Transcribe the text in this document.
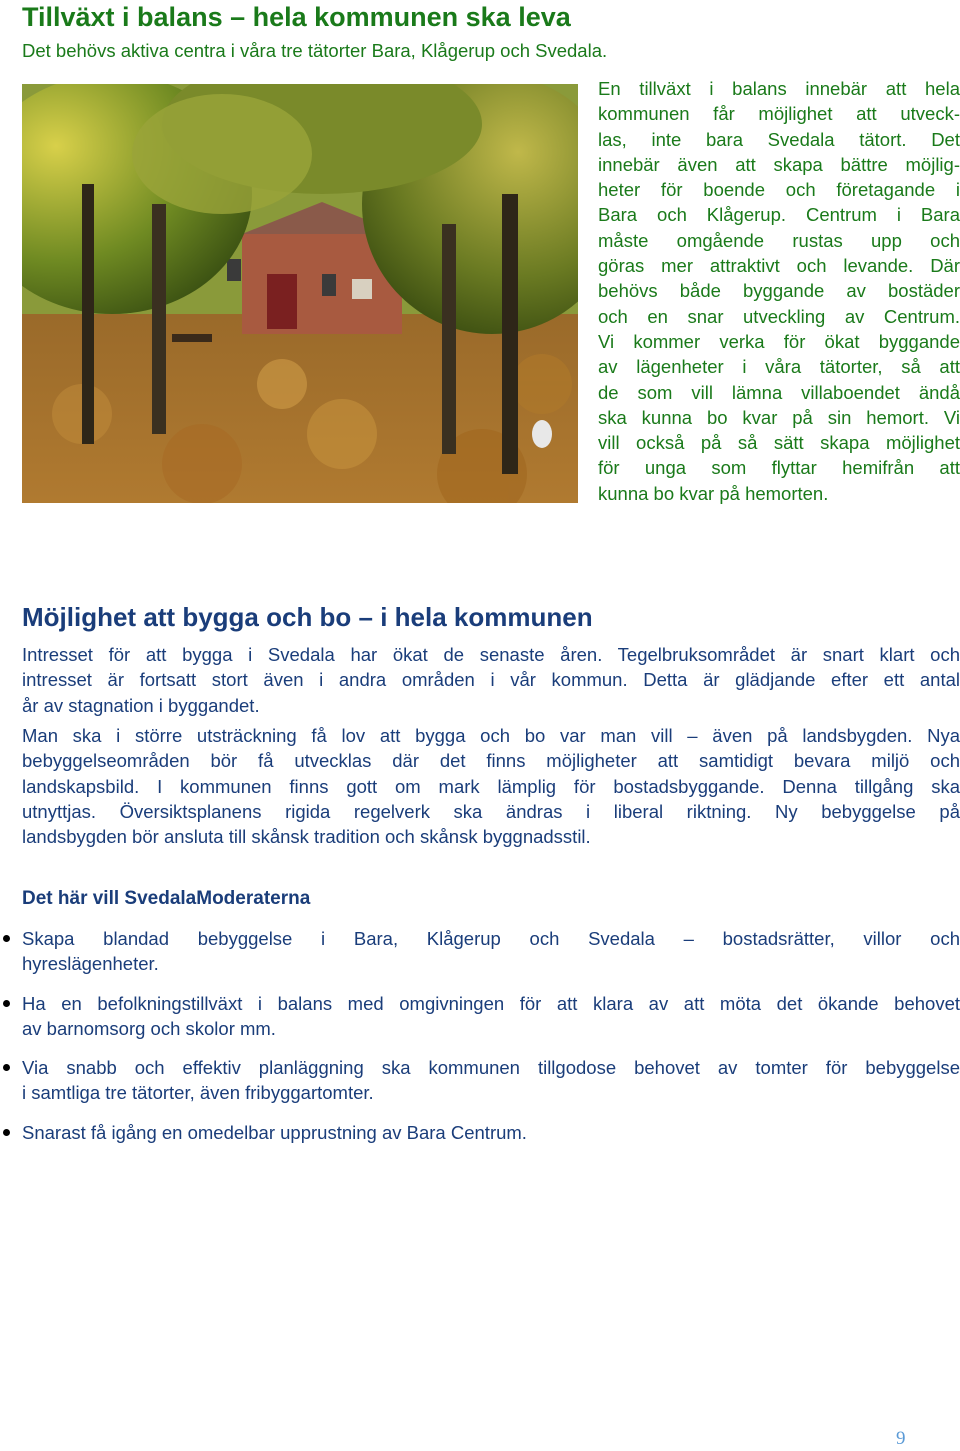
Tillväxt i balans – hela kommunen ska leva
Det behövs aktiva centra i våra tre tätorter Bara, Klågerup och Svedala.
En tillväxt i balans innebär att hela
kommunen får möjlighet att utveck-
las, inte bara Svedala tätort. Det
innebär även att skapa bättre möjlig-
heter för boende och företagande i
Bara och Klågerup. Centrum i Bara
måste omgående rustas upp och
göras mer attraktivt och levande. Där
behövs både byggande av bostäder
och en snar utveckling av Centrum.
Vi kommer verka för ökat byggande
av lägenheter i våra tätorter, så att
de som vill lämna villaboendet ändå
ska kunna bo kvar på sin hemort. Vi
vill också på så sätt skapa möjlighet
för unga som flyttar hemifrån att
kunna bo kvar på hemorten.
Möjlighet att bygga och bo – i hela kommunen
Intresset för att bygga i Svedala har ökat de senaste åren. Tegelbruksområdet är snart klart och
intresset är fortsatt stort även i andra områden i vår kommun. Detta är glädjande efter ett antal
år av stagnation i byggandet.
Man ska i större utsträckning få lov att bygga och bo var man vill – även på landsbygden. Nya
bebyggelseområden bör få utvecklas där det finns möjligheter att samtidigt bevara miljö och
landskapsbild. I kommunen finns gott om mark lämplig för bostadsbyggande. Denna tillgång ska
utnyttjas. Översiktsplanens rigida regelverk ska ändras i liberal riktning. Ny bebyggelse på
landsbygden bör ansluta till skånsk tradition och skånsk byggnadsstil.
Det här vill SvedalaModeraterna
Skapa blandad bebyggelse i Bara, Klågerup och Svedala – bostadsrätter, villor och
hyreslägenheter.
Ha en befolkningstillväxt i balans med omgivningen för att klara av att möta det ökande behovet
av barnomsorg och skolor mm.
Via snabb och effektiv planläggning ska kommunen tillgodose behovet av tomter för bebyggelse
i samtliga tre tätorter, även fribyggartomter.
Snarast få igång en omedelbar upprustning av Bara Centrum.
9
